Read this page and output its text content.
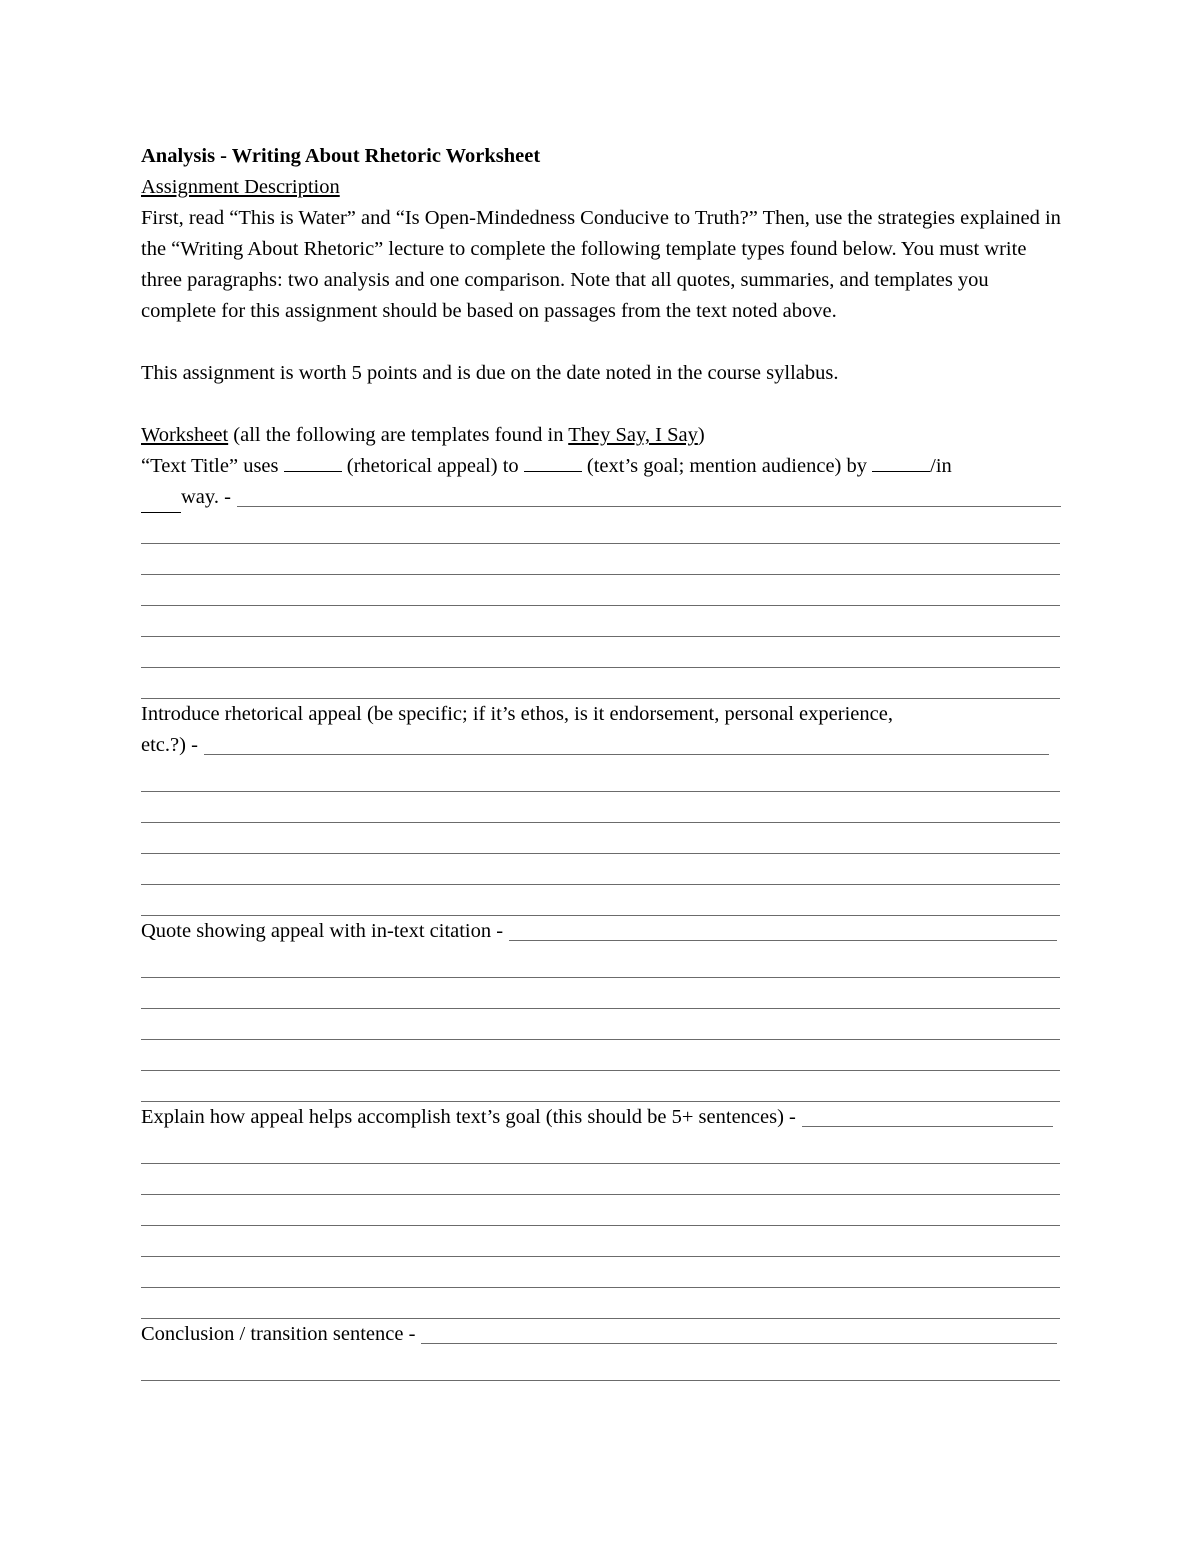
Analysis - Writing About Rhetoric Worksheet

Assignment Description

First, read “This is Water” and “Is Open-Mindedness Conducive to Truth?” Then, use the strategies explained in the “Writing About Rhetoric” lecture to complete the following template types found below. You must write three paragraphs: two analysis and one comparison. Note that all quotes, summaries, and templates you complete for this assignment should be based on passages from the text noted above.

This assignment is worth 5 points and is due on the date noted in the course syllabus.

Worksheet (all the following are templates found in They Say, I Say)

“Text Title” uses	(rhetorical appeal) to	(text’s goal; mention audience) by	/in

way. -

Introduce rhetorical appeal (be specific; if it’s ethos, is it endorsement, personal experience,

etc.?) -
Quote showing appeal with in-text citation -
Explain how appeal helps accomplish text’s goal (this should be 5+ sentences) -
Conclusion / transition sentence -
